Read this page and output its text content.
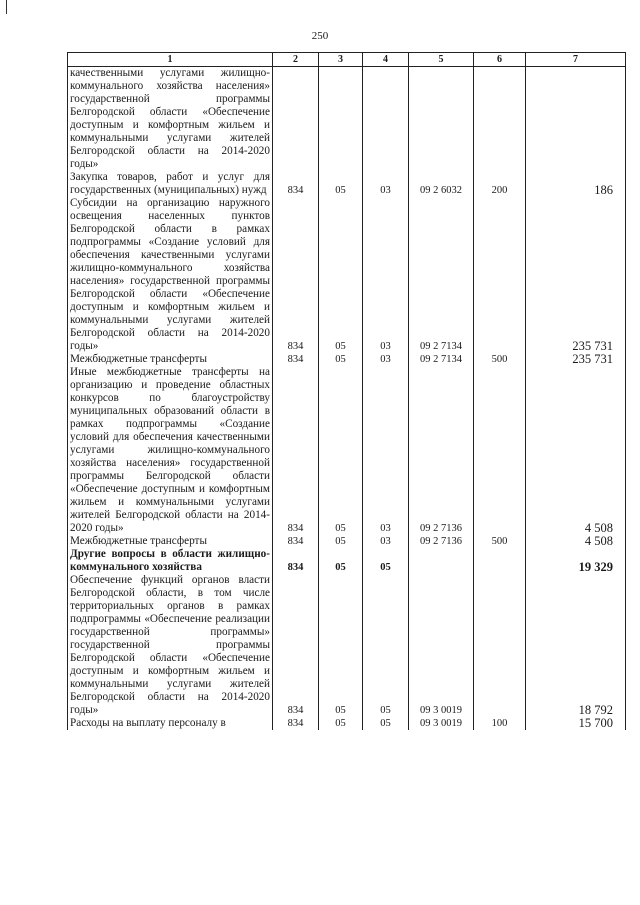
250
1	2	3	4	5	6	7
качественными услугами жилищно-коммунального хозяйства населения» государственной программы Белгородской области «Обеспечение доступным и комфортным жильем и коммунальными услугами жителей Белгородской области на 2014-2020 годы»						
Закупка товаров, работ и услуг для государственных (муниципальных) нужд	834	05	03	09 2 6032	200	186
Субсидии на организацию наружного освещения населенных пунктов Белгородской области в рамках подпрограммы «Создание условий для обеспечения качественными услугами жилищно-коммунального хозяйства населения» государственной программы Белгородской области «Обеспечение доступным и комфортным жильем и коммунальными услугами жителей Белгородской области на 2014-2020 годы»	834	05	03	09 2 7134		235 731
Межбюджетные трансферты	834	05	03	09 2 7134	500	235 731
Иные межбюджетные трансферты на организацию и проведение областных конкурсов по благоустройству муниципальных образований области в рамках подпрограммы «Создание условий для обеспечения качественными услугами жилищно-коммунального хозяйства населения» государственной программы Белгородской области «Обеспечение доступным и комфортным жильем и коммунальными услугами жителей Белгородской области на 2014-2020 годы»	834	05	03	09 2 7136		4 508
Межбюджетные трансферты	834	05	03	09 2 7136	500	4 508
Другие вопросы в области жилищно-коммунального хозяйства	834	05	05			19 329
Обеспечение функций органов власти Белгородской области, в том числе территориальных органов в рамках подпрограммы «Обеспечение реализации государственной программы» государственной программы Белгородской области «Обеспечение доступным и комфортным жильем и коммунальными услугами жителей Белгородской области на 2014-2020 годы»	834	05	05	09 3 0019		18 792
Расходы на выплату персоналу в	834	05	05	09 3 0019	100	15 700
